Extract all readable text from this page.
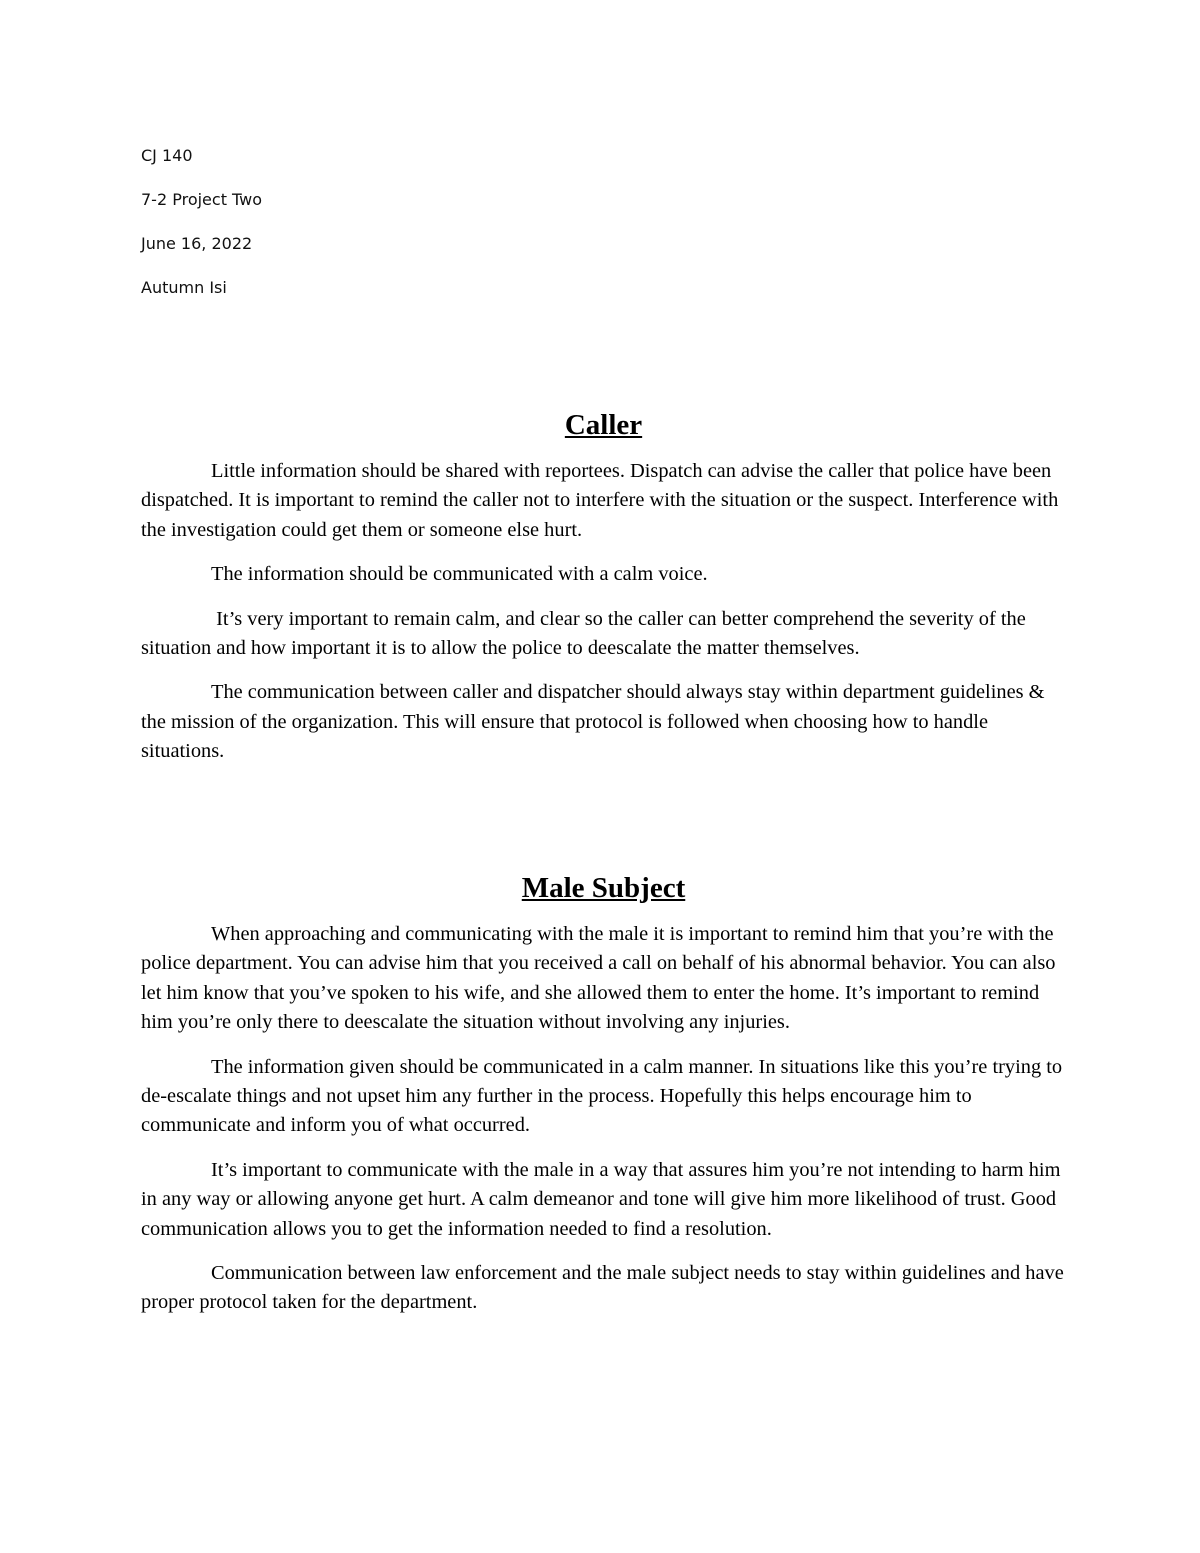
CJ 140
7-2 Project Two
June 16, 2022
Autumn Isi
Caller

Little information should be shared with reportees. Dispatch can advise the caller that police have been dispatched. It is important to remind the caller not to interfere with the situation or the suspect. Interference with the investigation could get them or someone else hurt.

The information should be communicated with a calm voice.

It’s very important to remain calm, and clear so the caller can better comprehend the severity of the situation and how important it is to allow the police to deescalate the matter themselves.

The communication between caller and dispatcher should always stay within department guidelines & the mission of the organization. This will ensure that protocol is followed when choosing how to handle situations.

Male Subject

When approaching and communicating with the male it is important to remind him that you’re with the police department. You can advise him that you received a call on behalf of his abnormal behavior. You can also let him know that you’ve spoken to his wife, and she allowed them to enter the home. It’s important to remind him you’re only there to deescalate the situation without involving any injuries.

The information given should be communicated in a calm manner. In situations like this you’re trying to de-escalate things and not upset him any further in the process. Hopefully this helps encourage him to communicate and inform you of what occurred.

It’s important to communicate with the male in a way that assures him you’re not intending to harm him in any way or allowing anyone get hurt. A calm demeanor and tone will give him more likelihood of trust. Good communication allows you to get the information needed to find a resolution.

Communication between law enforcement and the male subject needs to stay within guidelines and have proper protocol taken for the department.
